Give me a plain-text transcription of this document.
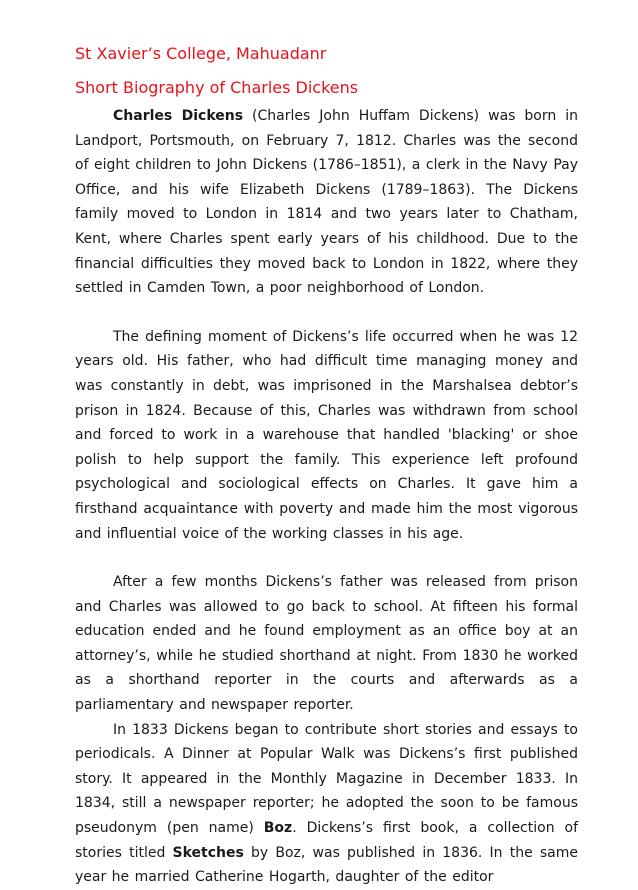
St Xavier’s College, Mahuadanr
Short Biography of Charles Dickens

Charles Dickens (Charles John Huffam Dickens) was born in Landport, Portsmouth, on February 7, 1812. Charles was the second of eight children to John Dickens (1786–1851), a clerk in the Navy Pay Office, and his wife Elizabeth Dickens (1789–1863). The Dickens family moved to London in 1814 and two years later to Chatham, Kent, where Charles spent early years of his childhood. Due to the financial difficulties they moved back to London in 1822, where they settled in Camden Town, a poor neighborhood of London.

The defining moment of Dickens’s life occurred when he was 12 years old. His father, who had difficult time managing money and was constantly in debt, was imprisoned in the Marshalsea debtor’s prison in 1824. Because of this, Charles was withdrawn from school and forced to work in a warehouse that handled 'blacking' or shoe polish to help support the family. This experience left profound psychological and sociological effects on Charles. It gave him a firsthand acquaintance with poverty and made him the most vigorous and influential voice of the working classes in his age.

After a few months Dickens’s father was released from prison and Charles was allowed to go back to school. At fifteen his formal education ended and he found employment as an office boy at an attorney’s, while he studied shorthand at night. From 1830 he worked as a shorthand reporter in the courts and afterwards as a parliamentary and newspaper reporter.

In 1833 Dickens began to contribute short stories and essays to periodicals. A Dinner at Popular Walk was Dickens’s first published story. It appeared in the Monthly Magazine in December 1833. In 1834, still a newspaper reporter; he adopted the soon to be famous pseudonym (pen name) Boz. Dickens’s first book, a collection of stories titled Sketches by Boz, was published in 1836. In the same year he married Catherine Hogarth, daughter of the editor
